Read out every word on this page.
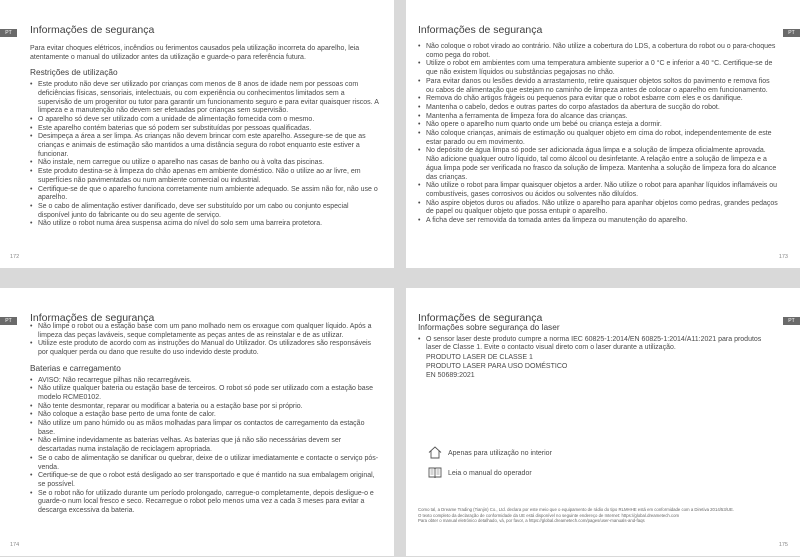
PT	Informações de segurança

Para evitar choques elétricos, incêndios ou ferimentos causados pela utilização incorreta do aparelho, leia atentamente o manual do utilizador antes da utilização e guarde-o para referência futura.

Restrições de utilização
• Este produto não deve ser utilizado por crianças com menos de 8 anos de idade nem por pessoas com deficiências físicas, sensoriais, intelectuais, ou com experiência ou conhecimentos limitados sem a supervisão de um progenitor ou tutor para garantir um funcionamento seguro e para evitar quaisquer riscos. A limpeza e a manutenção não devem ser efetuadas por crianças sem supervisão.
• O aparelho só deve ser utilizado com a unidade de alimentação fornecida com o mesmo.
• Este aparelho contém baterias que só podem ser substituídas por pessoas qualificadas.
• Desimpeça a área a ser limpa. As crianças não devem brincar com este aparelho. Assegure-se de que as crianças e animais de estimação são mantidos a uma distância segura do robot enquanto este estiver a funcionar.
• Não instale, nem carregue ou utilize o aparelho nas casas de banho ou à volta das piscinas.
• Este produto destina-se à limpeza do chão apenas em ambiente doméstico. Não o utilize ao ar livre, em superfícies não pavimentadas ou num ambiente comercial ou industrial.
• Certifique-se de que o aparelho funciona corretamente num ambiente adequado. Se assim não for, não use o aparelho.
• Se o cabo de alimentação estiver danificado, deve ser substituído por um cabo ou conjunto especial disponível junto do fabricante ou do seu agente de serviço.
• Não utilize o robot numa área suspensa acima do nível do solo sem uma barreira protetora.
172
PT
Informações de segurança
• Não coloque o robot virado ao contrário. Não utilize a cobertura do LDS, a cobertura do robot ou o para-choques como pega do robot.
• Utilize o robot em ambientes com uma temperatura ambiente superior a 0 °C e inferior a 40 °C. Certifique-se de que não existem líquidos ou substâncias pegajosas no chão.
• Para evitar danos ou lesões devido a arrastamento, retire quaisquer objetos soltos do pavimento e remova fios ou cabos de alimentação que estejam no caminho de limpeza antes de colocar o aparelho em funcionamento.
• Remova do chão artigos frágeis ou pequenos para evitar que o robot esbarre com eles e os danifique.
• Mantenha o cabelo, dedos e outras partes do corpo afastados da abertura de sucção do robot.
• Mantenha a ferramenta de limpeza fora do alcance das crianças.
• Não opere o aparelho num quarto onde um bebé ou criança esteja a dormir.
• Não coloque crianças, animais de estimação ou qualquer objeto em cima do robot, independentemente de este estar parado ou em movimento.
• No depósito de água limpa só pode ser adicionada água limpa e a solução de limpeza oficialmente aprovada. Não adicione qualquer outro líquido, tal como álcool ou desinfetante. A relação entre a solução de limpeza e a água limpa pode ser verificada no frasco da solução de limpeza. Mantenha a solução de limpeza fora do alcance das crianças.
• Não utilize o robot para limpar quaisquer objetos a arder. Não utilize o robot para apanhar líquidos inflamáveis ou combustíveis, gases corrosivos ou ácidos ou solventes não diluídos.
• Não aspire objetos duros ou afiados. Não utilize o aparelho para apanhar objetos como pedras, grandes pedaços de papel ou qualquer objeto que possa entupir o aparelho.
• A ficha deve ser removida da tomada antes da limpeza ou manutenção do aparelho.
173
PT	Informações de segurança
• Não limpe o robot ou a estação base com um pano molhado nem os enxague com qualquer líquido. Após a limpeza das peças laváveis, seque completamente as peças antes de as reinstalar e de as utilizar.
• Utilize este produto de acordo com as instruções do Manual do Utilizador. Os utilizadores são responsáveis por qualquer perda ou dano que resulte do uso indevido deste produto.
Baterias e carregamento
• AVISO: Não recarregue pilhas não recarregáveis.
• Não utilize qualquer bateria ou estação base de terceiros. O robot só pode ser utilizado com a estação base modelo RCME0102.
• Não tente desmontar, reparar ou modificar a bateria ou a estação base por si próprio.
• Não coloque a estação base perto de uma fonte de calor.
• Não utilize um pano húmido ou as mãos molhadas para limpar os contactos de carregamento da estação base.
• Não elimine indevidamente as baterias velhas. As baterias que já não são necessárias devem ser descartadas numa instalação de reciclagem apropriada.
• Se o cabo de alimentação se danificar ou quebrar, deixe de o utilizar imediatamente e contacte o serviço pós-venda.
• Certifique-se de que o robot está desligado ao ser transportado e que é mantido na sua embalagem original, se possível.
• Se o robot não for utilizado durante um período prolongado, carregue-o completamente, depois desligue-o e guarde-o num local fresco e seco. Recarregue o robot pelo menos uma vez a cada 3 meses para evitar a descarga excessiva da bateria.
174
PT
Informações de segurança
Informações sobre segurança do laser
• O sensor laser deste produto cumpre a norma IEC 60825-1:2014/EN 60825-1:2014/A11:2021 para produtos laser de Classe 1. Evite o contacto visual direto com o laser durante a utilização.
PRODUTO LASER DE CLASSE 1
PRODUTO LASER PARA USO DOMÉSTICO
EN 50689:2021
Apenas para utilização no interior
Leia o manual do operador
Como tal, a Dreame Trading (Tianjin) Co., Ltd. declara por este meio que o equipamento de rádio do tipo RLMHHE está em conformidade com a Diretiva 2014/53/UE.
O texto completo da declaração de conformidade da UE está disponível no seguinte endereço de Internet: https://global.dreametech.com
Para obter o manual eletrónico detalhado, vá, por favor, a https://global.dreametech.com/pages/user-manuals-and-faqs
175
